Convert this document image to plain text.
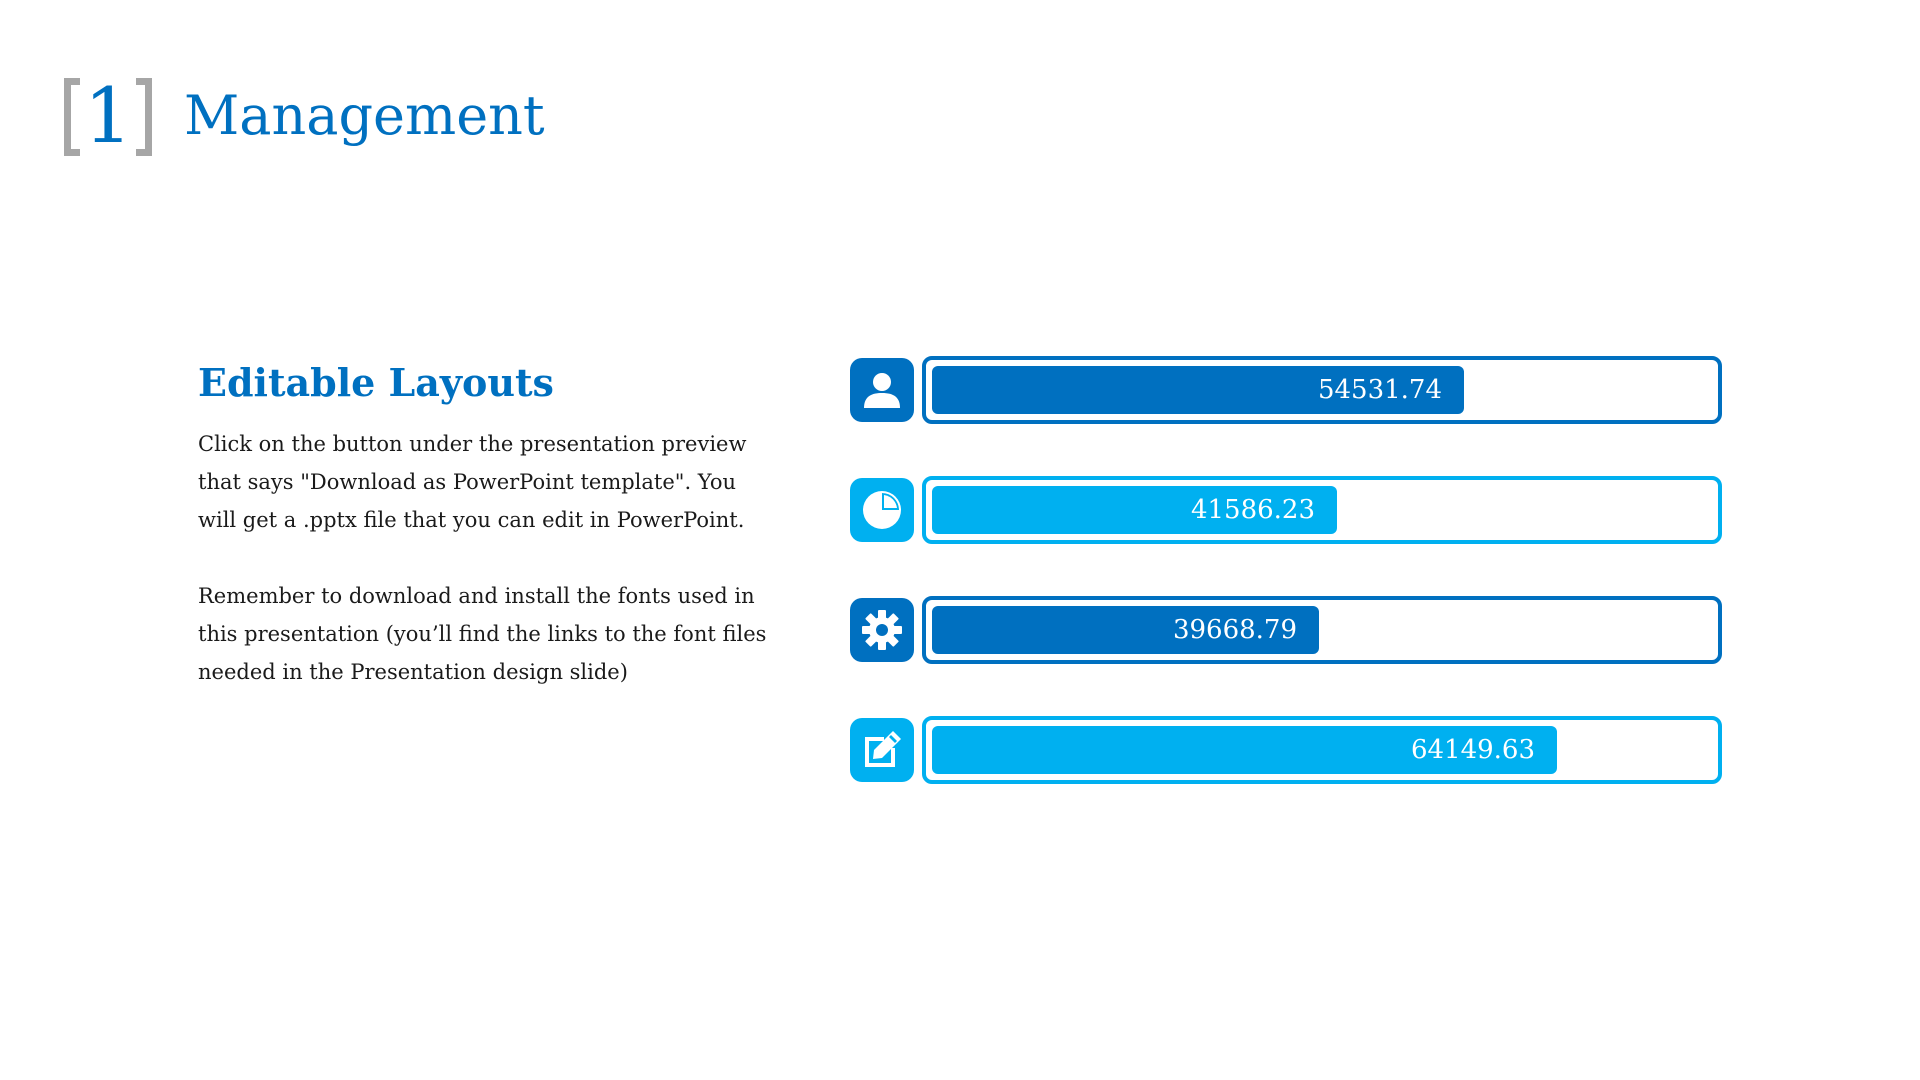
1 Management
Editable Layouts

Click on the button under the presentation preview that says "Download as PowerPoint template". You will get a .pptx file that you can edit in PowerPoint.

Remember to download and install the fonts used in this presentation (you’ll find the links to the font files needed in the Presentation design slide)

54531.74
41586.23
39668.79
64149.63
